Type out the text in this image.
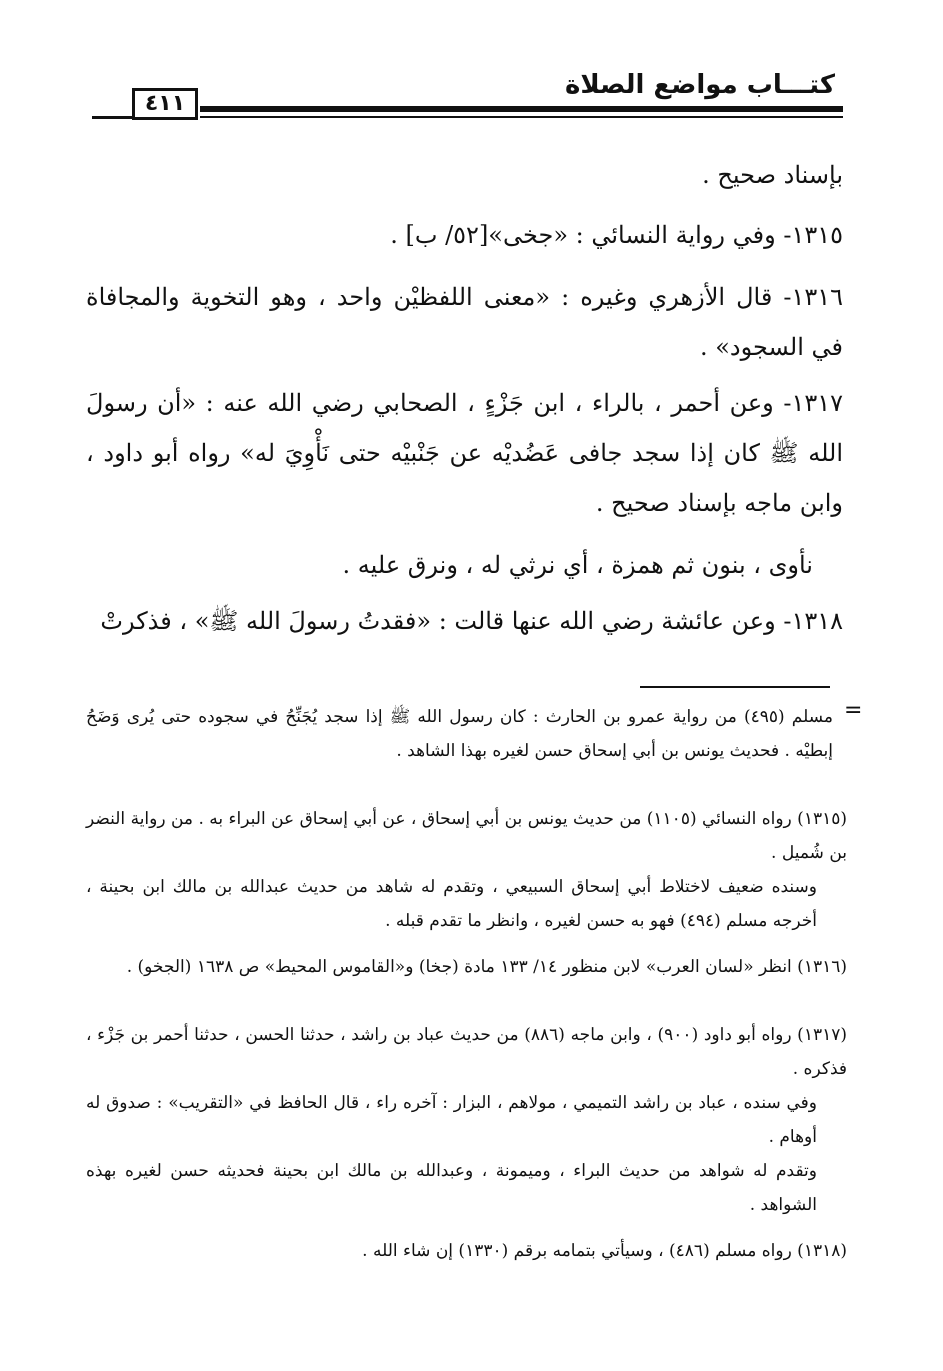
كتـــاب مواضع الصلاة
٤١١

بإسناد صحيح .

١٣١٥- وفي رواية النسائي : «جخى»[٥٢/ ب] .

١٣١٦- قال الأزهري وغيره : «معنى اللفظيْن واحد ، وهو التخوية والمجافاة في السجود» .

١٣١٧- وعن أحمر ، بالراء ، ابن جَزْءٍ ، الصحابي رضي الله عنه : «أن رسولَ الله ﷺ كان إذا سجد جافى عَضُديْه عن جَنْبيْه حتى نَأْوِيَ له» رواه أبو داود ، وابن ماجه بإسناد صحيح .

نأوى ، بنون ثم همزة ، أي نرثي له ، ونرق عليه .

١٣١٨- وعن عائشة رضي الله عنها قالت : «فقدتُ رسولَ الله ﷺ» ، فذكرتْ

=

مسلم (٤٩٥) من رواية عمرو بن الحارث : كان رسول الله ﷺ إذا سجد يُجَنِّحُ في سجوده حتى يُرى وَضَحُ إبطيْه . فحديث يونس بن أبي إسحاق حسن لغيره بهذا الشاهد .

(١٣١٥) رواه النسائي (١١٠٥) من حديث يونس بن أبي إسحاق ، عن أبي إسحاق عن البراء به . من رواية النضر بن شُميل .

وسنده ضعيف لاختلاط أبي إسحاق السبيعي ، وتقدم له شاهد من حديث عبدالله بن مالك ابن بحينة ، أخرجه مسلم (٤٩٤) فهو به حسن لغيره ، وانظر ما تقدم قبله .

(١٣١٦) انظر «لسان العرب» لابن منظور ١٤/ ١٣٣ مادة (جخا) و«القاموس المحيط» ص ١٦٣٨ (الجخو) .

(١٣١٧) رواه أبو داود (٩٠٠) ، وابن ماجه (٨٨٦) من حديث عباد بن راشد ، حدثنا الحسن ، حدثنا أحمر بن جَزْء ، فذكره .

وفي سنده ، عباد بن راشد التميمي ، مولاهم ، البزار : آخره راء ، قال الحافظ في «التقريب» : صدوق له أوهام .

وتقدم له شواهد من حديث البراء ، وميمونة ، وعبدالله بن مالك ابن بحينة فحديثه حسن لغيره بهذه الشواهد .

(١٣١٨) رواه مسلم (٤٨٦) ، وسيأتي بتمامه برقم (١٣٣٠) إن شاء الله .
